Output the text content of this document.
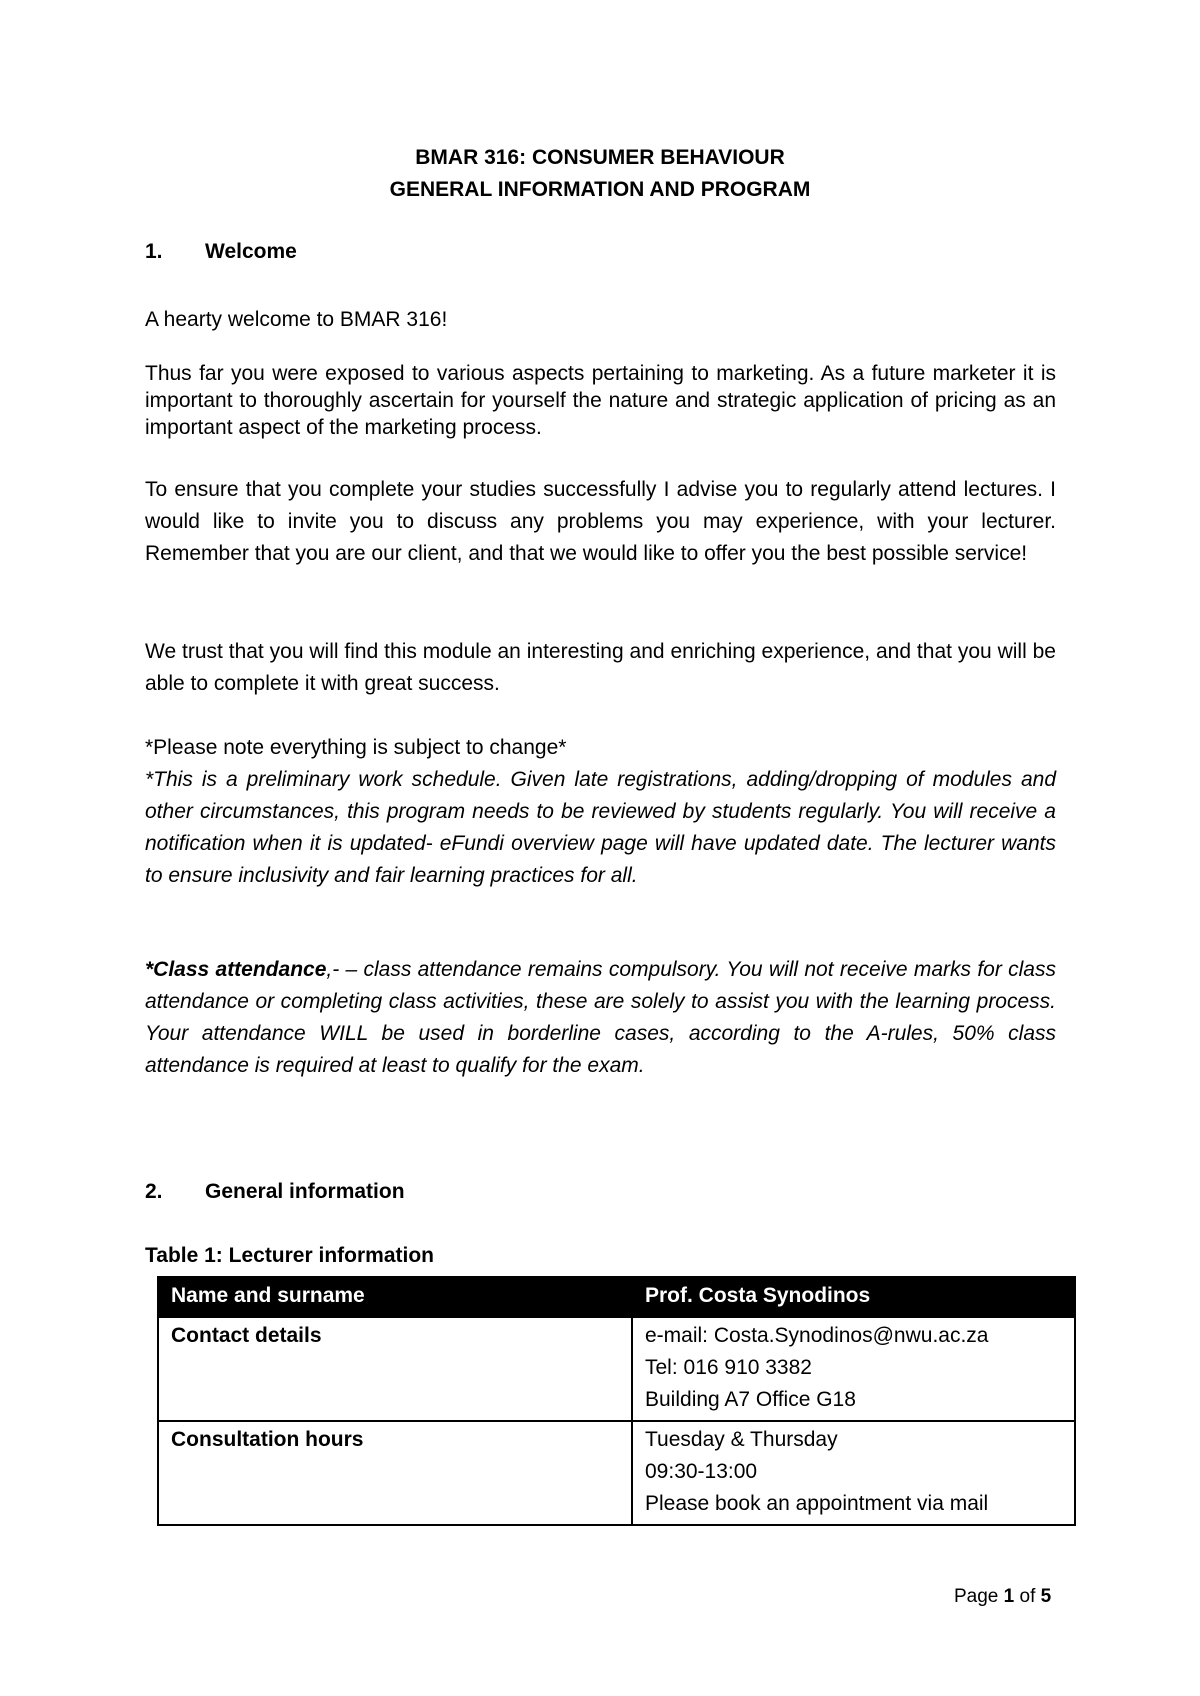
BMAR 316: CONSUMER BEHAVIOUR
GENERAL INFORMATION AND PROGRAM
1. Welcome
A hearty welcome to BMAR 316!
Thus far you were exposed to various aspects pertaining to marketing. As a future marketer it is important to thoroughly ascertain for yourself the nature and strategic application of pricing as an important aspect of the marketing process.
To ensure that you complete your studies successfully I advise you to regularly attend lectures. I would like to invite you to discuss any problems you may experience, with your lecturer. Remember that you are our client, and that we would like to offer you the best possible service!
We trust that you will find this module an interesting and enriching experience, and that you will be able to complete it with great success.
*Please note everything is subject to change*
*This is a preliminary work schedule. Given late registrations, adding/dropping of modules and other circumstances, this program needs to be reviewed by students regularly. You will receive a notification when it is updated- eFundi overview page will have updated date. The lecturer wants to ensure inclusivity and fair learning practices for all.
*Class attendance,- – class attendance remains compulsory. You will not receive marks for class attendance or completing class activities, these are solely to assist you with the learning process. Your attendance WILL be used in borderline cases, according to the A-rules, 50% class attendance is required at least to qualify for the exam.
2. General information
Table 1: Lecturer information
Name and surname	Prof. Costa Synodinos
Contact details	e-mail: Costa.Synodinos@nwu.ac.za
Tel: 016 910 3382
Building A7 Office G18

Consultation hours	Tuesday & Thursday
09:30-13:00
Please book an appointment via mail
Page 1 of 5
